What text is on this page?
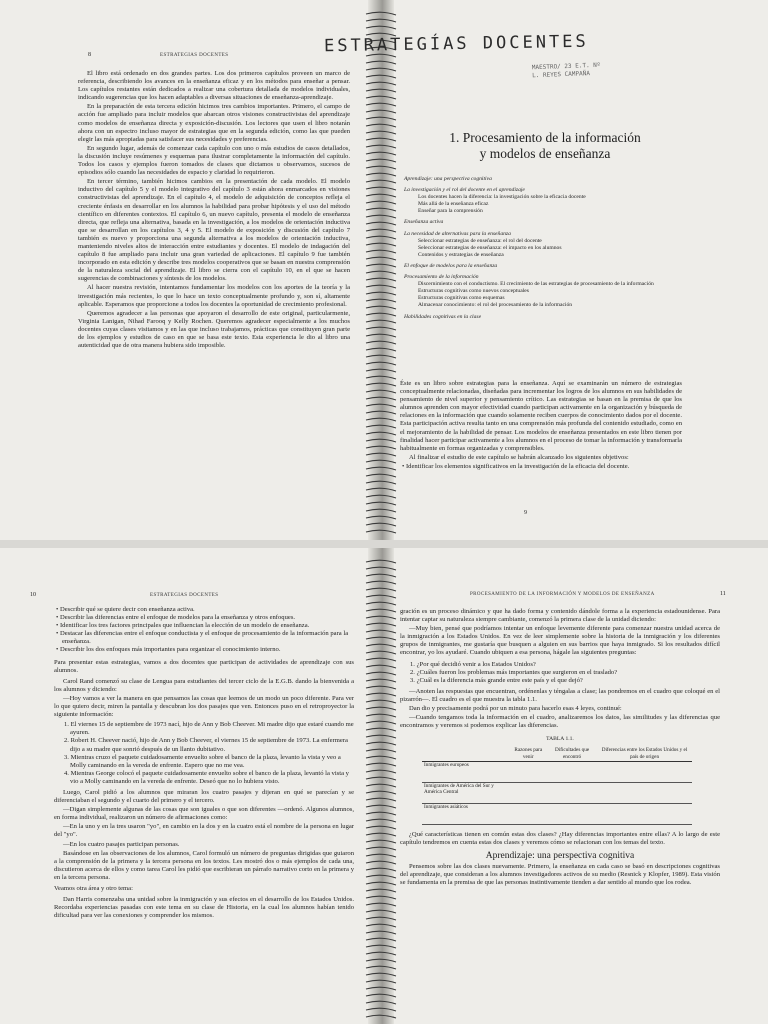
ESTRATEGIAS DOCENTES
8

El libro está ordenado en dos grandes partes. Los dos primeros capítulos proveen un marco de referencia, describiendo los avances en la enseñanza eficaz y en los métodos para enseñar a pensar. Los capítulos restantes están dedicados a realizar una cobertura detallada de modelos individuales, indicando sugerencias que los hacen adaptables a diversas situaciones de enseñanza-aprendizaje.

En la preparación de esta tercera edición hicimos tres cambios importantes. Primero, el campo de acción fue ampliado para incluir modelos que abarcan otros visiones constructivistas del aprendizaje como modelos de enseñanza directa y exposición-discusión. Los lectores que usen el libro notarán ahora con un espectro incluso mayor de estrategias que en la segunda edición, como las que pueden elegir las más apropiadas para satisfacer sus necesidades y preferencias.

En segundo lugar, además de comenzar cada capítulo con uno o más estudios de casos detallados, la discusión incluye resúmenes y esquemas para ilustrar completamente la información del capítulo. Todos los casos y ejemplos fueron tomados de clases que dictamos u observamos, sucesos de episodios sólo cuando las necesidades de espacio y claridad lo requirieron.

En tercer término, también hicimos cambios en la presentación de cada modelo. El modelo inductivo del capítulo 5 y el modelo integrativo del capítulo 3 están ahora enmarcados en visiones constructivistas del aprendizaje. En el capítulo 4, el modelo de adquisición de conceptos refleja el creciente énfasis en desarrollar en los alumnos la habilidad para probar hipótesis y el uso del método científico en diferentes contextos. El capítulo 6, un nuevo capítulo, presenta el modelo de enseñanza directa, que refleja una alternativa, basada en la investigación, a los modelos de orientación inductiva que se desarrollan en los capítulos 3, 4 y 5. El modelo de exposición y discusión del capítulo 7 también es nuevo y proporciona una segunda alternativa a los modelos de orientación inductiva, manteniendo niveles altos de interacción entre estudiantes y docentes. El modelo de indagación del capítulo 8 fue ampliado para incluir una gran variedad de aplicaciones. El capítulo 9 fue también incorporado en esta edición y describe tres modelos cooperativos que se basan en nuestra comprensión de la naturaleza social del aprendizaje. El libro se cierra con el capítulo 10, en el que se hacen sugerencias de combinaciones y síntesis de los modelos.

Al hacer nuestra revisión, intentamos fundamentar los modelos con los aportes de la teoría y la investigación más recientes, lo que lo hace un texto conceptualmente profundo y, son sí, altamente aplicable. Esperamos que proporcione a todos los docentes la oportunidad de crecimiento profesional.

Queremos agradecer a las personas que apoyaron el desarrollo de este original, particularmente, Virginia Lanigan, Nihad Farooq y Kelly Rochen. Queremos agradecer especialmente a los muchos docentes cuyas clases visitamos y en las que incluso trabajamos, prácticas que constituyen gran parte de los ejemplos y estudios de caso en que se basa este texto. Esta experiencia le dio al libro una autenticidad que de otra manera hubiera sido imposible.

ESTRATEGÍAS DOCENTES
MAESTRO/ 23 E.T. Nº
L. REYES CAMPAÑA
1. Procesamiento de la información
y modelos de enseñanza
Aprendizaje: una perspectiva cognitiva
La investigación y el rol del docente en el aprendizaje
Los docentes hacen la diferencia: la investigación sobre la eficacia docente
Más allá de la enseñanza eficaz
Enseñar para la comprensión
Enseñanza activa
La necesidad de alternativas para la enseñanza
Seleccionar estrategias de enseñanza: el rol del docente
Seleccionar estrategias de enseñanza: el impacto en los alumnos
Contenidos y estrategias de enseñanza
El enfoque de modelos para la enseñanza
Procesamiento de la información
Discernimiento con el conductismo. El crecimiento de las estrategias de procesamiento de la información
Estructuras cognitivas como nuevos conceptuales
Estructuras cognitivas como esquemas
Almacenar conocimiento: el rol del procesamiento de la información
Habilidades cognitivas en la clase

Éste es un libro sobre estrategias para la enseñanza. Aquí se examinarán un número de estrategias conceptualmente relacionadas, diseñadas para incrementar los logros de los alumnos en sus habilidades de pensamiento de nivel superior y pensamiento crítico. Las estrategias se basan en la premisa de que los alumnos aprenden con mayor efectividad cuando participan activamente en la organización y búsqueda de relaciones en la información que cuando solamente reciben cuerpos de conocimiento dados por el docente. Esta participación activa resulta tanto en una comprensión más profunda del contenido estudiado, como en el mejoramiento de la habilidad de pensar. Los modelos de enseñanza presentados en este libro tienen por finalidad hacer participar activamente a los alumnos en el proceso de tomar la información y transformarla habitualmente en formas organizadas y comprensibles.

Al finalizar el estudio de este capítulo se habrán alcanzado los siguientes objetivos:

• Identificar los elementos significativos en la investigación de la eficacia del docente.

9
10	ESTRATEGIAS DOCENTES

• Describir qué se quiere decir con enseñanza activa.

• Describir las diferencias entre el enfoque de modelos para la enseñanza y otros enfoques.

• Identificar los tres factores principales que influencian la elección de un modelo de enseñanza.

• Destacar las diferencias entre el enfoque conductista y el enfoque de procesamiento de la información para la enseñanza.

• Describir los dos enfoques más importantes para organizar el conocimiento interno.

Para presentar estas estrategias, vamos a dos docentes que participan de actividades de aprendizaje con sus alumnos.

Carol Rand comenzó su clase de Lengua para estudiantes del tercer ciclo de la E.G.B. dando la bienvenida a los alumnos y diciendo:

—Hoy vamos a ver la manera en que pensamos las cosas que leemos de un modo un poco diferente. Para ver lo que quiero decir, miren la pantalla y descubran los dos pasajes que ven. Entonces puso en el retroproyector la siguiente información:

1. El viernes 15 de septiembre de 1973 nací, hijo de Ann y Bob Cheever. Mi madre dijo que estaré cuando me ayuren.

2. Robert H. Cheever nació, hijo de Ann y Bob Cheever, el viernes 15 de septiembre de 1973. La enfermera dijo a su madre que sonrió después de un llanto dubitativo.

3. Mientras cruzo el paquete cuidadosamente envuelto sobre el banco de la plaza, levanto la vista y veo a Molly caminando en la vereda de enfrente. Espero que no me vea.

4. Mientras George colocó el paquete cuidadosamente envuelto sobre el banco de la plaza, levantó la vista y vio a Molly caminando en la vereda de enfrente. Deseó que no lo hubiera visto.

Luego, Carol pidió a los alumnos que miraran los cuatro pasajes y dijeran en qué se parecían y se diferenciaban el segundo y el cuarto del primero y el tercero.

—Digan simplemente algunas de las cosas que son iguales o que son diferentes —ordenó. Algunos alumnos, en forma individual, realizaron un número de afirmaciones como:

—En la uno y en la tres usaron "yo", en cambio en la dos y en la cuatro está el nombre de la persona en lugar del "yo".

—En los cuatro pasajes participan personas.

Basándose en las observaciones de los alumnos, Carol formuló un número de preguntas dirigidas que guiaron a la comprensión de la primera y la tercera persona en los textos. Les mostró dos o más ejemplos de cada una, discutieron acerca de ellos y como tarea Carol les pidió que escribieran un párrafo narrativo corto en la primera y en la tercera persona.

Veamos otra área y otro tema:

Dan Harris comenzaba una unidad sobre la inmigración y sus efectos en el desarrollo de los Estados Unidos. Recordaba experiencias pasadas con este tema en su clase de Historia, en la cual los alumnos habían tenido dificultad para ver las conexiones y comprender los mismos.

PROCESAMIENTO DE LA INFORMACIÓN Y MODELOS DE ENSEÑANZA	11

gración es un proceso dinámico y que ha dado forma y contenido dándole forma a la experiencia estadounidense. Para intentar captar su naturaleza siempre cambiante, comenzó la primera clase de la unidad diciendo:

—Muy bien, pensé que podríamos intentar un enfoque levemente diferente para comenzar nuestra unidad acerca de la inmigración a los Estados Unidos. En vez de leer simplemente sobre la historia de la inmigración y los diferentes grupos de inmigrantes, me gustaría que busquen a alguien en sus barrios que haya inmigrado. Si los resultados difícil encontrar, yo los ayudaré. Cuando ubiquen a esa persona, hágale las siguientes preguntas:

1. ¿Por qué decidió venir a los Estados Unidos?

2. ¿Cuáles fueron los problemas más importantes que surgieron en el traslado?

3. ¿Cuál es la diferencia más grande entre este país y el que dejó?

—Anoten las respuestas que encuentran, ordénenlas y téngalas a clase; las pondremos en el cuadro que coloqué en el pizarrón—. El cuadro es el que muestra la tabla 1.1.

Dan dio y precisamente podrá por un minuto para hacerlo esas 4 leyes, continué:

—Cuando tengamos toda la información en el cuadro, analizaremos los datos, las similitudes y las diferencias que encontramos y veremos si podemos explicar las diferencias.

TABLA 1.1.
	Razones para venir	Dificultades que encontró	Diferencias entre los Estados Unidos y el país de origen
Inmigrantes europeos			
Inmigrantes de América del Sur y América Central			
Inmigrantes asiáticos			

¿Qué características tienen en común estas dos clases? ¿Hay diferencias importantes entre ellas? A lo largo de este capítulo tendremos en cuenta estas dos clases y veremos cómo se relacionan con los temas del texto.

Aprendizaje: una perspectiva cognitiva

Pensemos sobre las dos clases nuevamente. Primero, la enseñanza en cada caso se basó en descripciones cognitivas del aprendizaje, que consideran a los alumnos investigadores activos de su medio (Resnick y Klopfer, 1989). Esta visión se fundamenta en la premisa de que las personas instintivamente tienden a dar sentido al mundo que los rodea.
